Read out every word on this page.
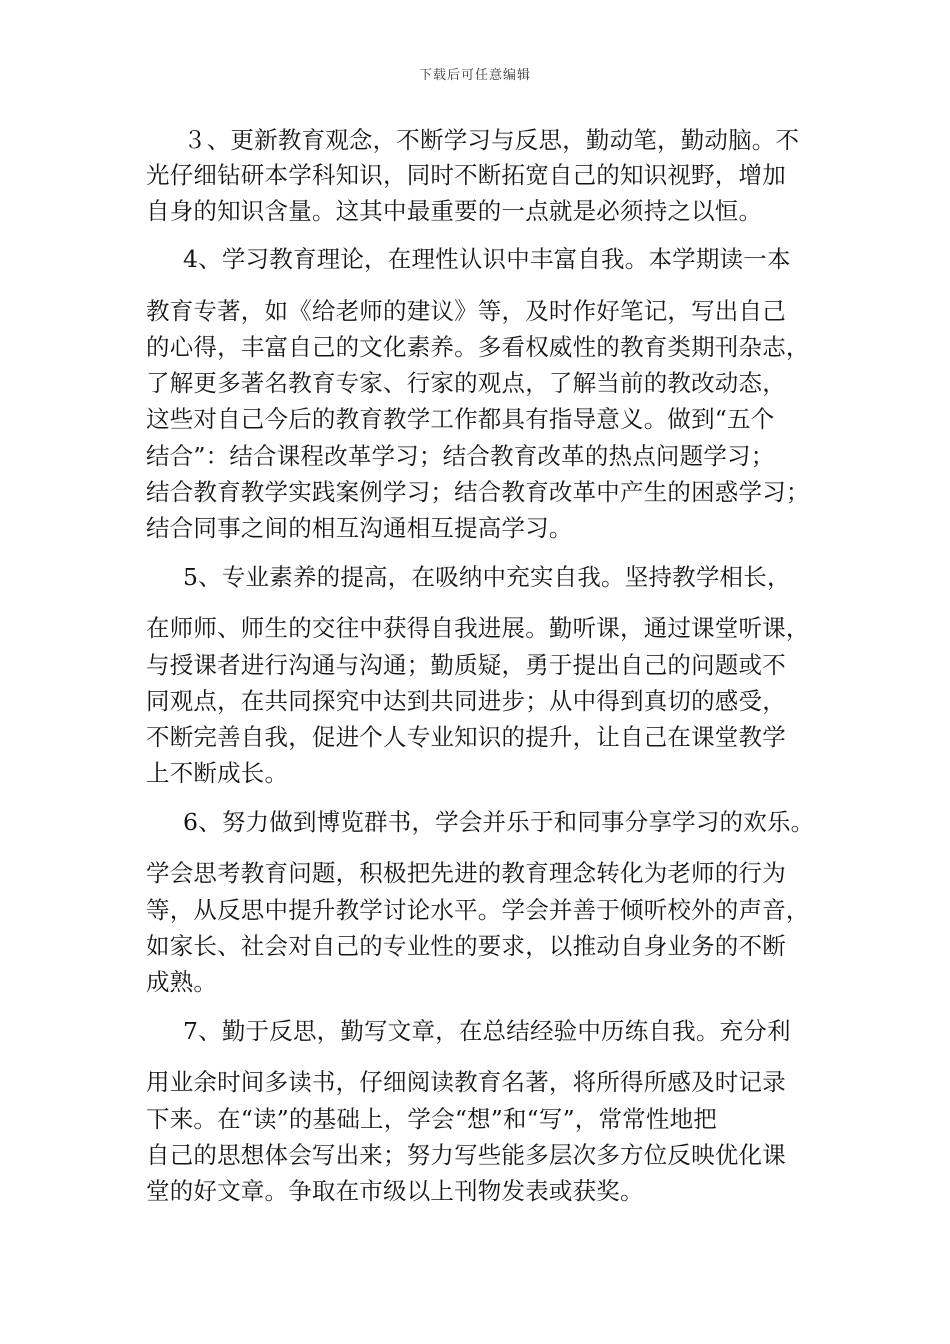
下载后可任意编辑
３、更新教育观念，不断学习与反思，勤动笔，勤动脑。不
光仔细钻研本学科知识，同时不断拓宽自己的知识视野，增加
自身的知识含量。这其中最重要的一点就是必须持之以恒。
4、学习教育理论，在理性认识中丰富自我。本学期读一本
教育专著，如《给老师的建议》等，及时作好笔记，写出自己
的心得，丰富自己的文化素养。多看权威性的教育类期刊杂志，
了解更多著名教育专家、行家的观点，了解当前的教改动态，
这些对自己今后的教育教学工作都具有指导意义。做到“五个
结合”：结合课程改革学习；结合教育改革的热点问题学习；
结合教育教学实践案例学习；结合教育改革中产生的困惑学习；
结合同事之间的相互沟通相互提高学习。
5、专业素养的提高，在吸纳中充实自我。坚持教学相长，
在师师、师生的交往中获得自我进展。勤听课，通过课堂听课，
与授课者进行沟通与沟通；勤质疑，勇于提出自己的问题或不
同观点，在共同探究中达到共同进步；从中得到真切的感受，
不断完善自我，促进个人专业知识的提升，让自己在课堂教学
上不断成长。
6、努力做到博览群书，学会并乐于和同事分享学习的欢乐。
学会思考教育问题，积极把先进的教育理念转化为老师的行为
等，从反思中提升教学讨论水平。学会并善于倾听校外的声音，
如家长、社会对自己的专业性的要求，以推动自身业务的不断
成熟。
7、勤于反思，勤写文章，在总结经验中历练自我。充分利
用业余时间多读书，仔细阅读教育名著，将所得所感及时记录
下来。在“读”的基础上，学会“想”和“写”，常常性地把
自己的思想体会写出来；努力写些能多层次多方位反映优化课
堂的好文章。争取在市级以上刊物发表或获奖。
